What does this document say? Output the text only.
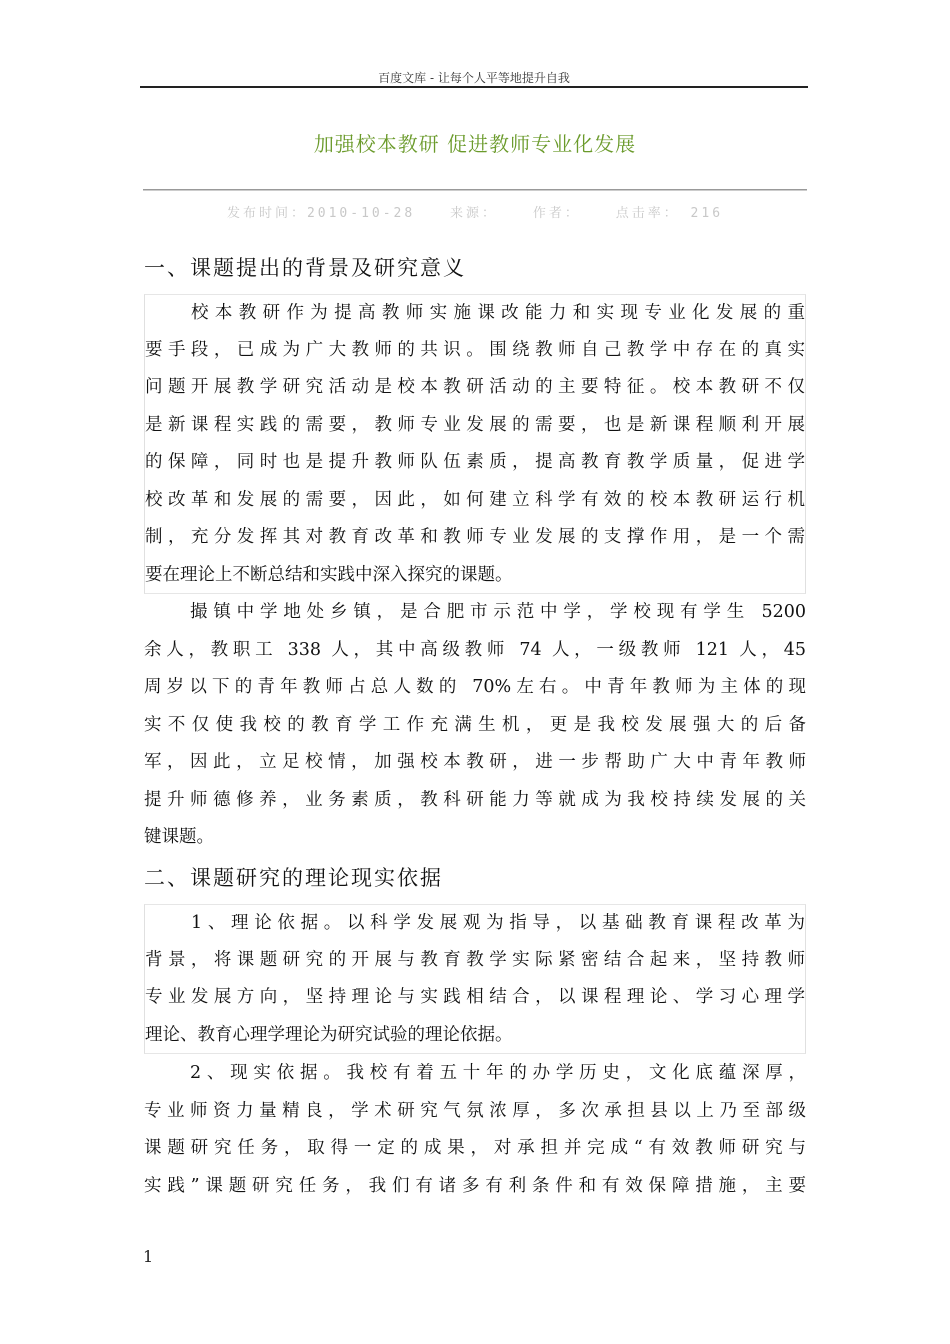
百度文库 - 让每个人平等地提升自我
加强校本教研 促进教师专业化发展
发布时间：2010-10-28	来源：	作者：	点击率： 216
一、课题提出的背景及研究意义
校本教研作为提高教师实施课改能力和实现专业化发展的重
要手段，已成为广大教师的共识。围绕教师自己教学中存在的真实
问题开展教学研究活动是校本教研活动的主要特征。校本教研不仅
是新课程实践的需要，教师专业发展的需要，也是新课程顺利开展
的保障，同时也是提升教师队伍素质，提高教育教学质量，促进学
校改革和发展的需要，因此，如何建立科学有效的校本教研运行机
制，充分发挥其对教育改革和教师专业发展的支撑作用，是一个需
要在理论上不断总结和实践中深入探究的课题。
撮镇中学地处乡镇，是合肥市示范中学，学校现有学生 5200
余人，教职工 338 人，其中高级教师 74 人，一级教师 121 人，45
周岁以下的青年教师占总人数的 70%左右。中青年教师为主体的现
实不仅使我校的教育学工作充满生机，更是我校发展强大的后备
军，因此，立足校情，加强校本教研，进一步帮助广大中青年教师
提升师德修养，业务素质，教科研能力等就成为我校持续发展的关
键课题。
二、课题研究的理论现实依据
1、理论依据。以科学发展观为指导，以基础教育课程改革为
背景，将课题研究的开展与教育教学实际紧密结合起来，坚持教师
专业发展方向，坚持理论与实践相结合，以课程理论、学习心理学
理论、教育心理学理论为研究试验的理论依据。
2、现实依据。我校有着五十年的办学历史，文化底蕴深厚，
专业师资力量精良，学术研究气氛浓厚，多次承担县以上乃至部级
课题研究任务，取得一定的成果，对承担并完成“有效教师研究与
实践”课题研究任务，我们有诸多有利条件和有效保障措施，主要
1
